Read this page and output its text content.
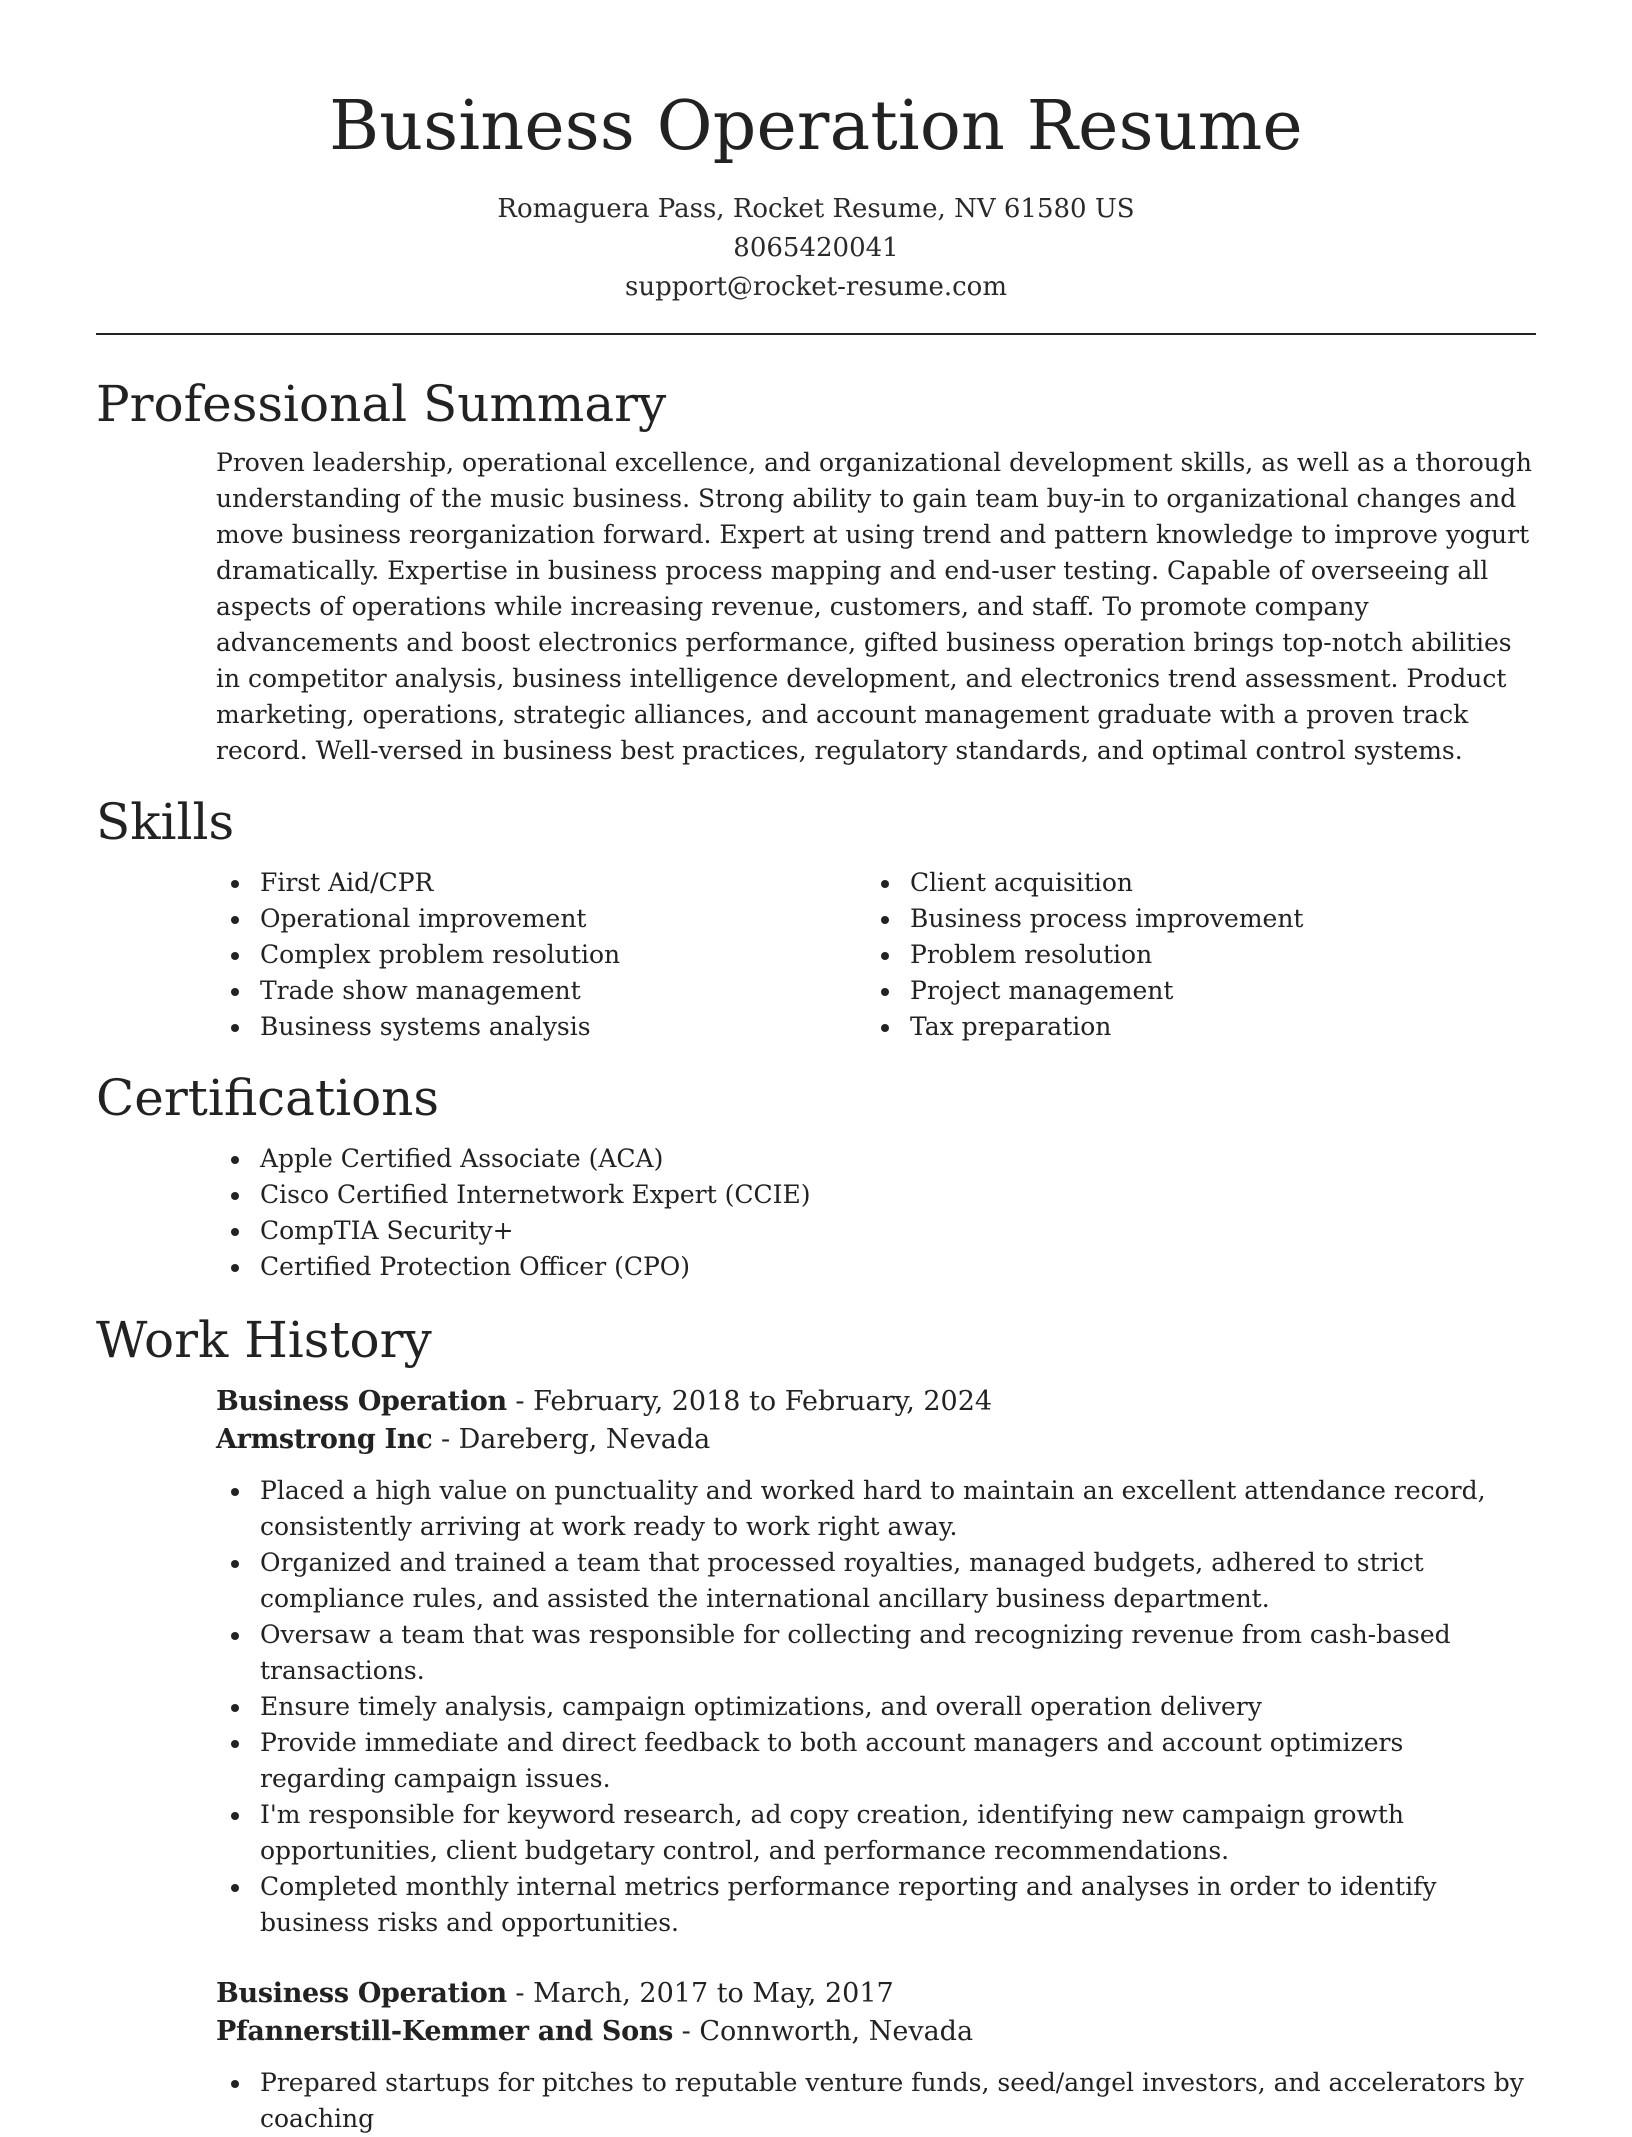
Business Operation Resume
Romaguera Pass, Rocket Resume, NV 61580 US
8065420041
support@rocket-resume.com
Professional Summary

Proven leadership, operational excellence, and organizational development skills, as well as a thorough understanding of the music business. Strong ability to gain team buy-in to organizational changes and move business reorganization forward. Expert at using trend and pattern knowledge to improve yogurt dramatically. Expertise in business process mapping and end-user testing. Capable of overseeing all aspects of operations while increasing revenue, customers, and staff. To promote company advancements and boost electronics performance, gifted business operation brings top-notch abilities in competitor analysis, business intelligence development, and electronics trend assessment. Product marketing, operations, strategic alliances, and account management graduate with a proven track record. Well-versed in business best practices, regulatory standards, and optimal control systems.

Skills
First Aid/CPR
Operational improvement
Complex problem resolution
Trade show management
Business systems analysis
Client acquisition
Business process improvement
Problem resolution
Project management
Tax preparation
Certifications
Apple Certified Associate (ACA)
Cisco Certified Internetwork Expert (CCIE)
CompTIA Security+
Certified Protection Officer (CPO)
Work History
Business Operation - February, 2018 to February, 2024
Armstrong Inc - Dareberg, Nevada
Placed a high value on punctuality and worked hard to maintain an excellent attendance record, consistently arriving at work ready to work right away.
Organized and trained a team that processed royalties, managed budgets, adhered to strict compliance rules, and assisted the international ancillary business department.
Oversaw a team that was responsible for collecting and recognizing revenue from cash-based transactions.
Ensure timely analysis, campaign optimizations, and overall operation delivery
Provide immediate and direct feedback to both account managers and account optimizers regarding campaign issues.
I'm responsible for keyword research, ad copy creation, identifying new campaign growth opportunities, client budgetary control, and performance recommendations.
Completed monthly internal metrics performance reporting and analyses in order to identify business risks and opportunities.
Business Operation - March, 2017 to May, 2017
Pfannerstill-Kemmer and Sons - Connworth, Nevada
Prepared startups for pitches to reputable venture funds, seed/angel investors, and accelerators by coaching
